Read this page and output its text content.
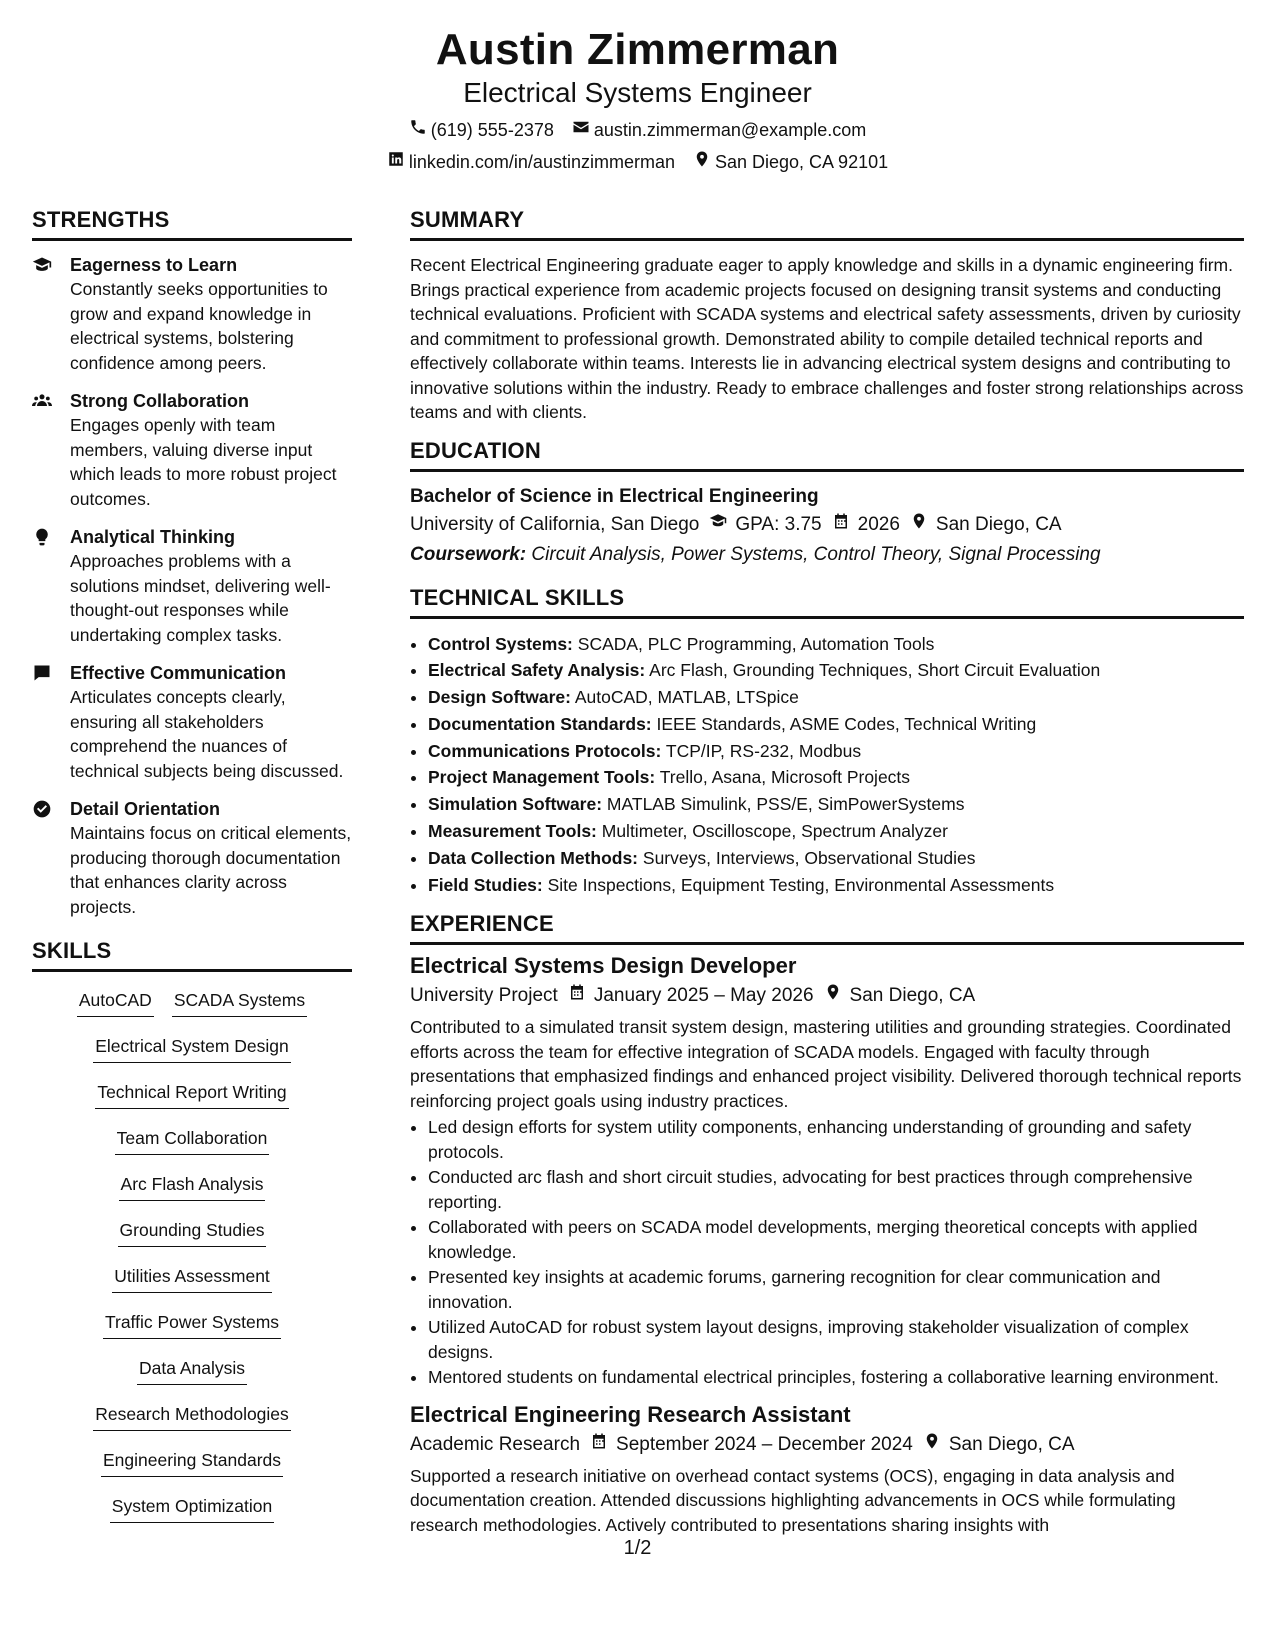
Austin Zimmerman
Electrical Systems Engineer
(619) 555-2378 austin.zimmerman@example.com
linkedin.com/in/austinzimmerman San Diego, CA 92101
STRENGTHS
Eagerness to Learn
Constantly seeks opportunities to grow and expand knowledge in electrical systems, bolstering confidence among peers.
Strong Collaboration
Engages openly with team members, valuing diverse input which leads to more robust project outcomes.
Analytical Thinking
Approaches problems with a solutions mindset, delivering well-thought-out responses while undertaking complex tasks.
Effective Communication
Articulates concepts clearly, ensuring all stakeholders comprehend the nuances of technical subjects being discussed.
Detail Orientation
Maintains focus on critical elements, producing thorough documentation that enhances clarity across projects.
SKILLS
AutoCAD SCADA Systems
Electrical System Design
Technical Report Writing
Team Collaboration
Arc Flash Analysis
Grounding Studies
Utilities Assessment
Traffic Power Systems
Data Analysis
Research Methodologies
Engineering Standards
System Optimization
SUMMARY
Recent Electrical Engineering graduate eager to apply knowledge and skills in a dynamic engineering firm. Brings practical experience from academic projects focused on designing transit systems and conducting technical evaluations. Proficient with SCADA systems and electrical safety assessments, driven by curiosity and commitment to professional growth. Demonstrated ability to compile detailed technical reports and effectively collaborate within teams. Interests lie in advancing electrical system designs and contributing to innovative solutions within the industry. Ready to embrace challenges and foster strong relationships across teams and with clients.
EDUCATION
Bachelor of Science in Electrical Engineering
University of California, San Diego GPA: 3.75 2026 San Diego, CA
Coursework: Circuit Analysis, Power Systems, Control Theory, Signal Processing
TECHNICAL SKILLS
• Control Systems: SCADA, PLC Programming, Automation Tools
• Electrical Safety Analysis: Arc Flash, Grounding Techniques, Short Circuit Evaluation
• Design Software: AutoCAD, MATLAB, LTSpice
• Documentation Standards: IEEE Standards, ASME Codes, Technical Writing
• Communications Protocols: TCP/IP, RS-232, Modbus
• Project Management Tools: Trello, Asana, Microsoft Projects
• Simulation Software: MATLAB Simulink, PSS/E, SimPowerSystems
• Measurement Tools: Multimeter, Oscilloscope, Spectrum Analyzer
• Data Collection Methods: Surveys, Interviews, Observational Studies
• Field Studies: Site Inspections, Equipment Testing, Environmental Assessments
EXPERIENCE
Electrical Systems Design Developer
University Project January 2025 – May 2026 San Diego, CA
Contributed to a simulated transit system design, mastering utilities and grounding strategies. Coordinated efforts across the team for effective integration of SCADA models. Engaged with faculty through presentations that emphasized findings and enhanced project visibility. Delivered thorough technical reports reinforcing project goals using industry practices.
• Led design efforts for system utility components, enhancing understanding of grounding and safety protocols.
• Conducted arc flash and short circuit studies, advocating for best practices through comprehensive reporting.
• Collaborated with peers on SCADA model developments, merging theoretical concepts with applied knowledge.
• Presented key insights at academic forums, garnering recognition for clear communication and innovation.
• Utilized AutoCAD for robust system layout designs, improving stakeholder visualization of complex designs.
• Mentored students on fundamental electrical principles, fostering a collaborative learning environment.
Electrical Engineering Research Assistant
Academic Research September 2024 – December 2024 San Diego, CA
Supported a research initiative on overhead contact systems (OCS), engaging in data analysis and documentation creation. Attended discussions highlighting advancements in OCS while formulating research methodologies. Actively contributed to presentations sharing insights with
1/2
